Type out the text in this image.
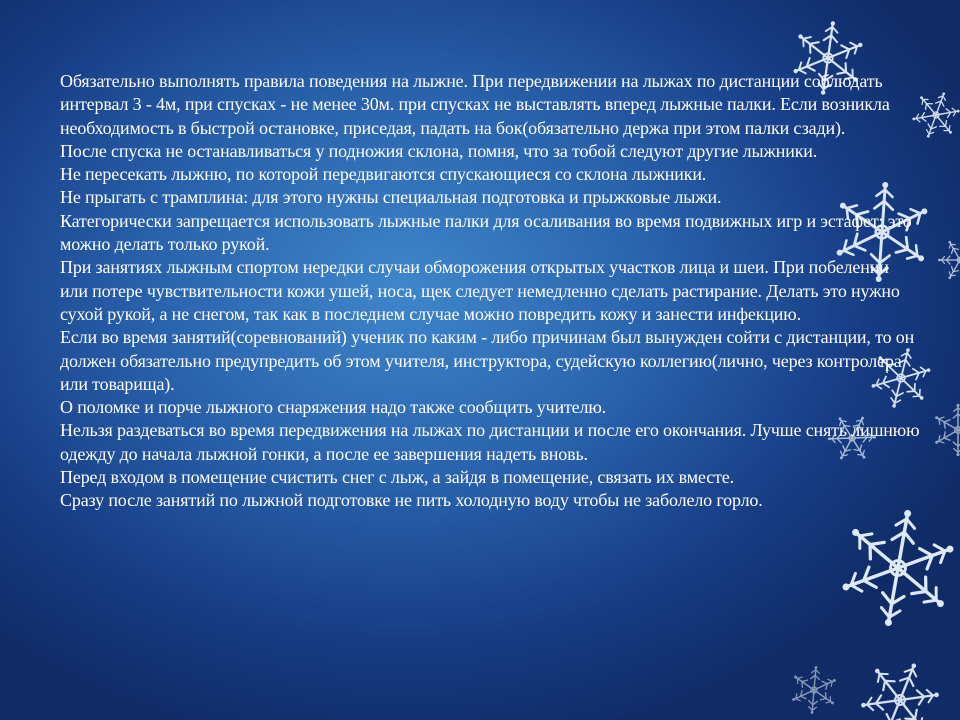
Обязательно выполнять правила поведения на лыжне. При передвижении на лыжах по дистанции соблюдать интервал 3 - 4м, при спусках - не менее 30м. при спусках не выставлять вперед лыжные палки. Если возникла необходимость в быстрой остановке, приседая, падать на бок(обязательно держа при этом палки сзади).

После спуска не останавливаться у подножия склона, помня, что за тобой следуют другие лыжники.

Не пересекать лыжню, по которой передвигаются спускающиеся со склона лыжники.

Не прыгать с трамплина: для этого нужны специальная подготовка и прыжковые лыжи.

Категорически запрещается использовать лыжные палки для осаливания во время подвижных игр и эстафет: это можно делать только рукой.

При занятиях лыжным спортом нередки случаи обморожения открытых участков лица и шеи. При побелении или потере чувствительности кожи ушей, носа, щек следует немедленно сделать растирание. Делать это нужно сухой рукой, а не снегом, так как в последнем случае можно повредить кожу и занести инфекцию.

Если во время занятий(соревнований) ученик по каким - либо причинам был вынужден сойти с дистанции, то он должен обязательно предупредить об этом учителя, инструктора, судейскую коллегию(лично, через контролера или товарища).

О поломке и порче лыжного снаряжения надо также сообщить учителю.

Нельзя раздеваться во время передвижения на лыжах по дистанции и после его окончания. Лучше снять лишнюю одежду до начала лыжной гонки, а после ее завершения надеть вновь.

Перед входом в помещение счистить снег с лыж, а зайдя в помещение, связать их вместе.

Сразу после занятий по лыжной подготовке не пить холодную воду чтобы не заболело горло.
